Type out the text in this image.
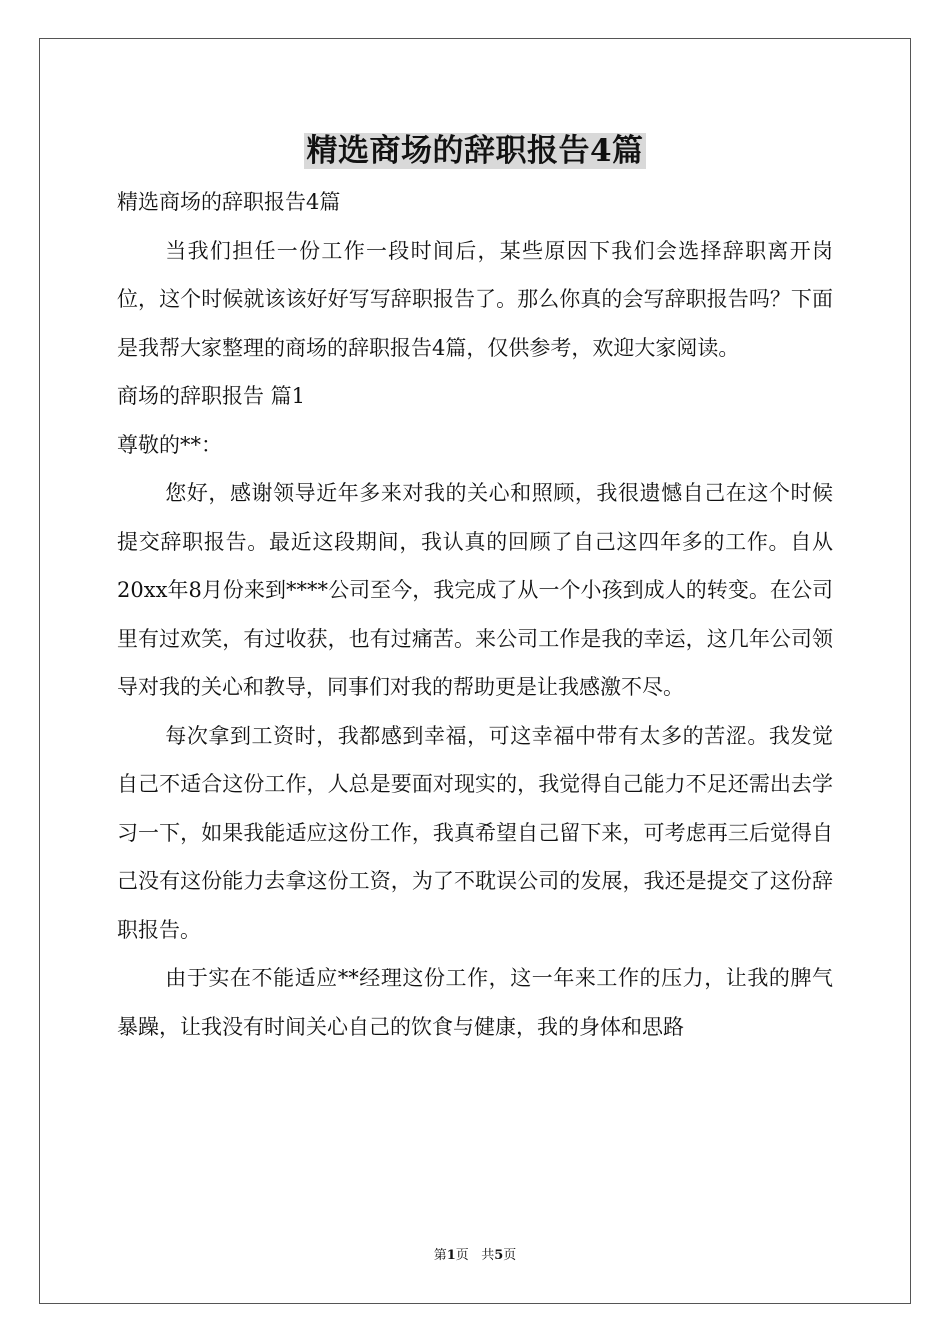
精选商场的辞职报告4篇

精选商场的辞职报告4篇

当我们担任一份工作一段时间后，某些原因下我们会选择辞职离开岗位，这个时候就该该好好写写辞职报告了。那么你真的会写辞职报告吗？下面是我帮大家整理的商场的辞职报告4篇，仅供参考，欢迎大家阅读。

商场的辞职报告 篇1

尊敬的**：

您好，感谢领导近年多来对我的关心和照顾，我很遗憾自己在这个时候提交辞职报告。最近这段期间，我认真的回顾了自己这四年多的工作。自从20xx年8月份来到****公司至今，我完成了从一个小孩到成人的转变。在公司里有过欢笑，有过收获，也有过痛苦。来公司工作是我的幸运，这几年公司领导对我的关心和教导，同事们对我的帮助更是让我感激不尽。

每次拿到工资时，我都感到幸福，可这幸福中带有太多的苦涩。我发觉自己不适合这份工作，人总是要面对现实的，我觉得自己能力不足还需出去学习一下，如果我能适应这份工作，我真希望自己留下来，可考虑再三后觉得自己没有这份能力去拿这份工资，为了不耽误公司的发展，我还是提交了这份辞职报告。

由于实在不能适应**经理这份工作，这一年来工作的压力，让我的脾气暴躁，让我没有时间关心自己的饮食与健康，我的身体和思路

第1页 共5页
